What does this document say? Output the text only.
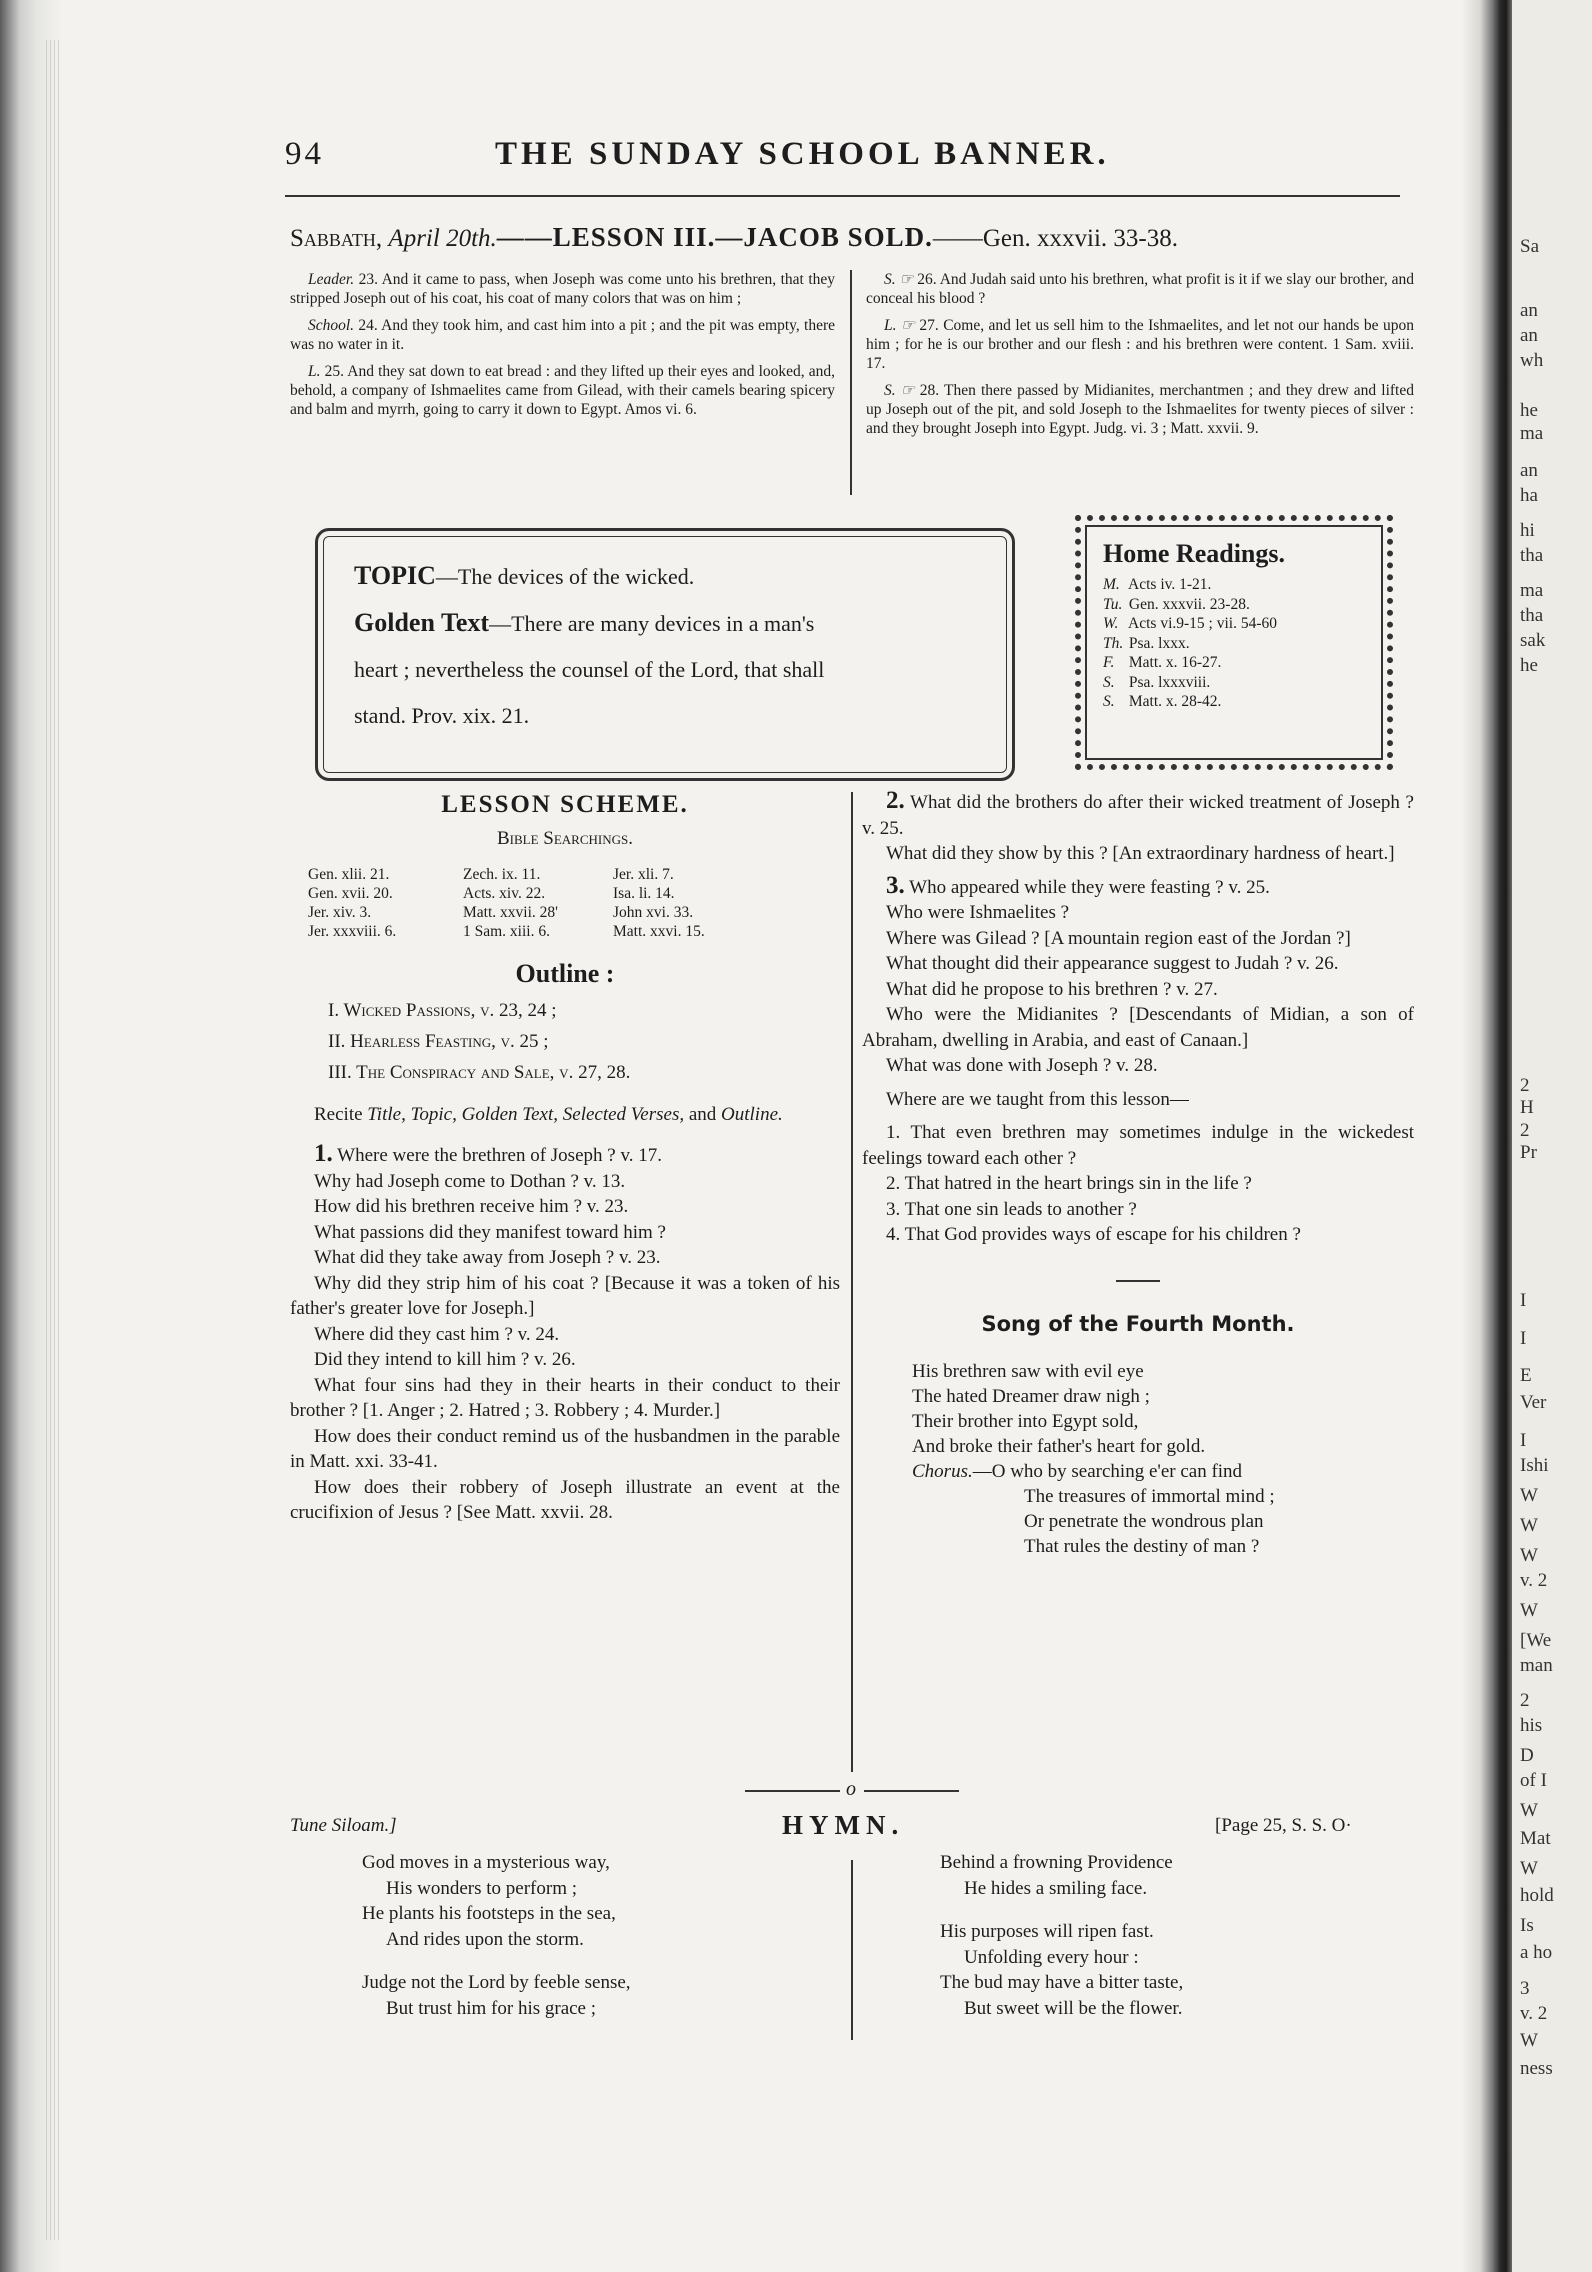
94	THE SUNDAY SCHOOL BANNER.
Sabbath, April 20th.——LESSON III.—JACOB SOLD.——Gen. xxxvii. 33-38.

Leader. 23. And it came to pass, when Joseph was come unto his brethren, that they stripped Joseph out of his coat, his coat of many colors that was on him ;

School. 24. And they took him, and cast him into a pit ; and the pit was empty, there was no water in it.

L. 25. And they sat down to eat bread : and they lifted up their eyes and looked, and, behold, a company of Ishmaelites came from Gilead, with their camels bearing spicery and balm and myrrh, going to carry it down to Egypt. Amos vi. 6.

S. ☞ 26. And Judah said unto his brethren, what profit is it if we slay our brother, and conceal his blood ?

L. ☞ 27. Come, and let us sell him to the Ishmaelites, and let not our hands be upon him ; for he is our brother and our flesh : and his brethren were content. 1 Sam. xviii. 17.

S. ☞ 28. Then there passed by Midianites, merchantmen ; and they drew and lifted up Joseph out of the pit, and sold Joseph to the Ishmaelites for twenty pieces of silver : and they brought Joseph into Egypt. Judg. vi. 3 ; Matt. xxvii. 9.

TOPIC—The devices of the wicked.
Golden Text—There are many devices in a man's
heart ; nevertheless the counsel of the Lord, that shall
stand. Prov. xix. 21.
Home Readings.
M. Acts iv. 1-21.
Tu. Gen. xxxvii. 23-28.
W. Acts vi.9-15 ; vii. 54-60
Th. Psa. lxxx.
F. Matt. x. 16-27.
S. Psa. lxxxviii.
S. Matt. x. 28-42.
LESSON SCHEME.
Bible Searchings.
Gen. xlii. 21.	Zech. ix. 11.	Jer. xli. 7.
Gen. xvii. 20.	Acts. xiv. 22.	Isa. li. 14.
Jer. xiv. 3.	Matt. xxvii. 28'	John xvi. 33.
Jer. xxxviii. 6.	1 Sam. xiii. 6.	Matt. xxvi. 15.
Outline :
I. Wicked Passions, v. 23, 24 ;
II. Hearless Feasting, v. 25 ;
III. The Conspiracy and Sale, v. 27, 28.
Recite Title, Topic, Golden Text, Selected Verses, and Outline.

1. Where were the brethren of Joseph ? v. 17.

Why had Joseph come to Dothan ? v. 13.

How did his brethren receive him ? v. 23.

What passions did they manifest toward him ?

What did they take away from Joseph ? v. 23.

Why did they strip him of his coat ? [Because it was a token of his father's greater love for Joseph.]

Where did they cast him ? v. 24.

Did they intend to kill him ? v. 26.

What four sins had they in their hearts in their conduct to their brother ? [1. Anger ; 2. Hatred ; 3. Robbery ; 4. Murder.]

How does their conduct remind us of the husbandmen in the parable in Matt. xxi. 33-41.

How does their robbery of Joseph illustrate an event at the crucifixion of Jesus ? [See Matt. xxvii. 28.

2. What did the brothers do after their wicked treatment of Joseph ? v. 25.

What did they show by this ? [An extraordinary hardness of heart.]

3. Who appeared while they were feasting ? v. 25.

Who were Ishmaelites ?

Where was Gilead ? [A mountain region east of the Jordan ?]

What thought did their appearance suggest to Judah ? v. 26.

What did he propose to his brethren ? v. 27.

Who were the Midianites ? [Descendants of Midian, a son of Abraham, dwelling in Arabia, and east of Canaan.]

What was done with Joseph ? v. 28.

Where are we taught from this lesson—

1. That even brethren may sometimes indulge in the wickedest feelings toward each other ?

2. That hatred in the heart brings sin in the life ?

3. That one sin leads to another ?

4. That God provides ways of escape for his children ?

Song of the Fourth Month.
His brethren saw with evil eye
The hated Dreamer draw nigh ;
Their brother into Egypt sold,
And broke their father's heart for gold.
Chorus.—O who by searching e'er can find
The treasures of immortal mind ;
Or penetrate the wondrous plan
That rules the destiny of man ?
o
Tune Siloam.]	HYMN.	[Page 25, S. S. O·
God moves in a mysterious way,
His wonders to perform ;
He plants his footsteps in the sea,
And rides upon the storm.
Judge not the Lord by feeble sense,
But trust him for his grace ;
Behind a frowning Providence
He hides a smiling face.
His purposes will ripen fast.
Unfolding every hour :
The bud may have a bitter taste,
But sweet will be the flower.
Sa
an
an
wh
he
ma
an
ha
hi
tha
ma
tha
sak
he
2
H
2
Pr
I
I
E
Ver
I
Ishi
W
W
W
v. 2
W
[We
man
2
his
D
of I
W
Mat
W
hold
Is
a ho
3
v. 2
W
ness
